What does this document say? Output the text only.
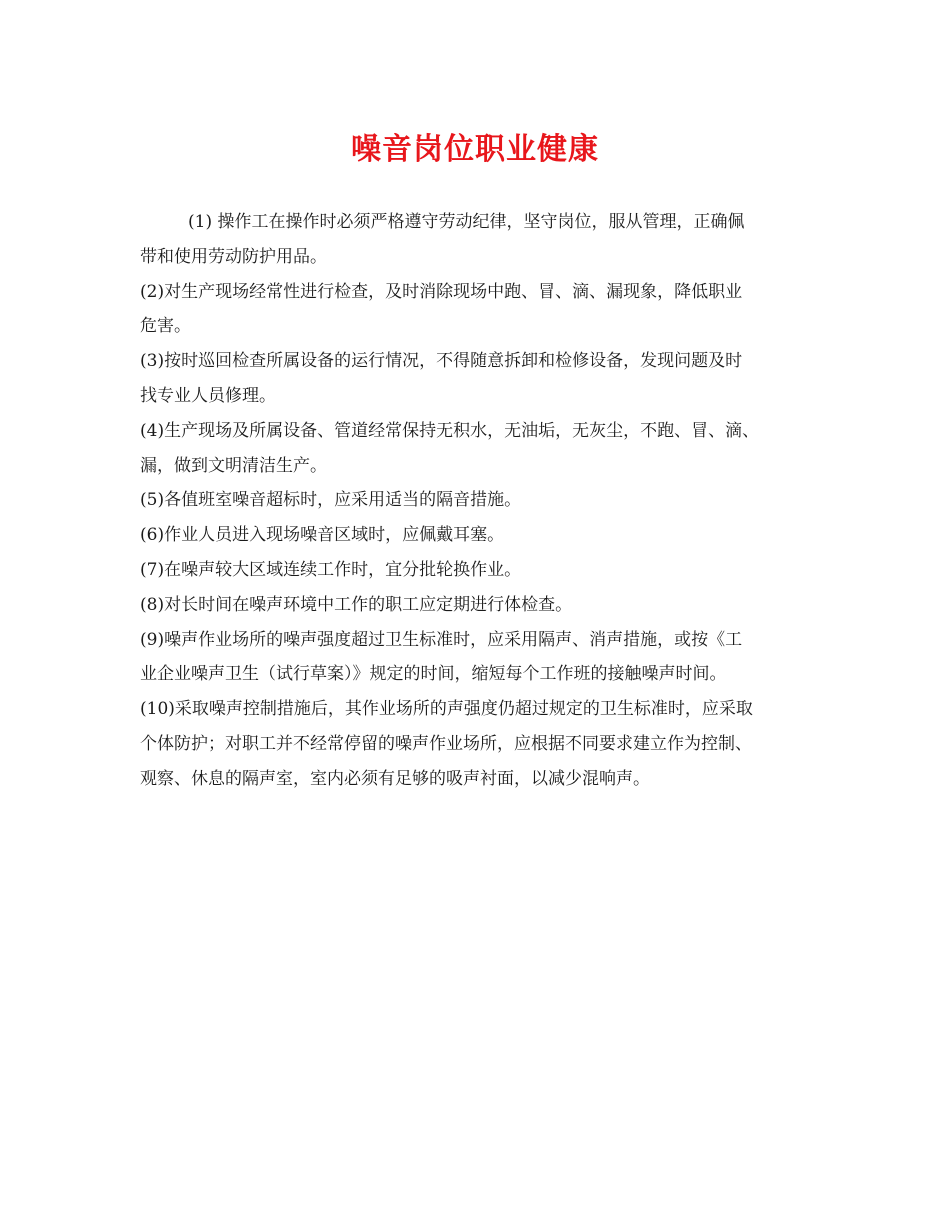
噪音岗位职业健康
(1) 操作工在操作时必须严格遵守劳动纪律，坚守岗位，服从管理，正确佩
带和使用劳动防护用品。
(2)对生产现场经常性进行检查，及时消除现场中跑、冒、滴、漏现象，降低职业
危害。
(3)按时巡回检查所属设备的运行情况，不得随意拆卸和检修设备，发现问题及时
找专业人员修理。
(4)生产现场及所属设备、管道经常保持无积水，无油垢，无灰尘，不跑、冒、滴、
漏，做到文明清洁生产。
(5)各值班室噪音超标时，应采用适当的隔音措施。
(6)作业人员进入现场噪音区域时，应佩戴耳塞。
(7)在噪声较大区域连续工作时，宜分批轮换作业。
(8)对长时间在噪声环境中工作的职工应定期进行体检查。
(9)噪声作业场所的噪声强度超过卫生标准时，应采用隔声、消声措施，或按《工
业企业噪声卫生（试行草案）》规定的时间，缩短每个工作班的接触噪声时间。
(10)采取噪声控制措施后，其作业场所的声强度仍超过规定的卫生标准时，应采取
个体防护；对职工并不经常停留的噪声作业场所，应根据不同要求建立作为控制、
观察、休息的隔声室，室内必须有足够的吸声衬面，以减少混响声。
